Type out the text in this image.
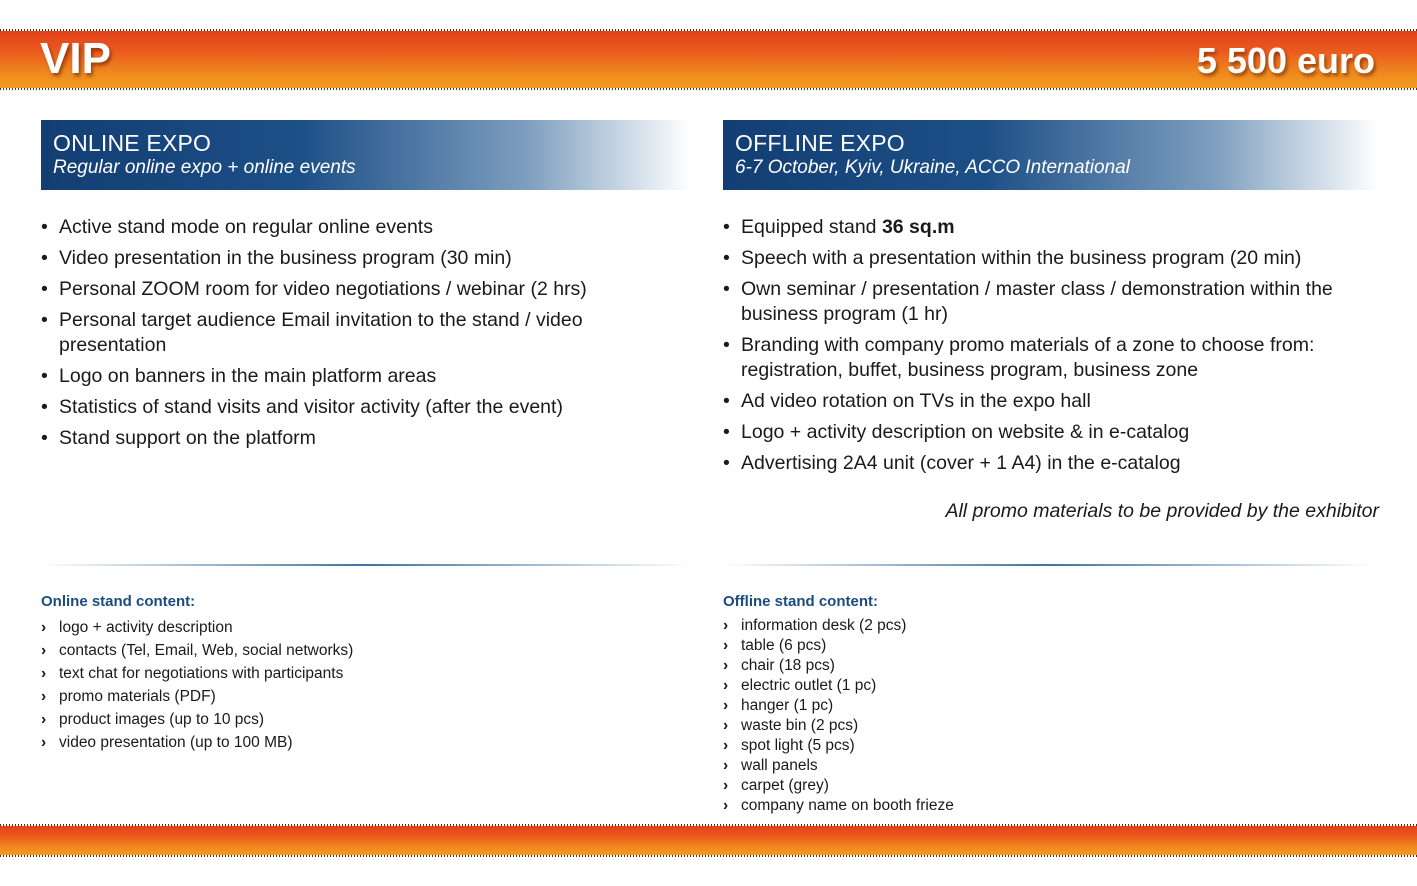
VIP	5 500 euro
ONLINE EXPO
Regular online expo + online events
• Active stand mode on regular online events
• Video presentation in the business program (30 min)
• Personal ZOOM room for video negotiations / webinar (2 hrs)
• Personal target audience Email invitation to the stand / video presentation
• Logo on banners in the main platform areas
• Statistics of stand visits and visitor activity (after the event)
• Stand support on the platform
OFFLINE EXPO
6-7 October, Kyiv, Ukraine, ACCO International
• Equipped stand 36 sq.m
• Speech with a presentation within the business program (20 min)
• Own seminar / presentation / master class / demonstration within the business program (1 hr)
• Branding with company promo materials of a zone to choose from: registration, buffet, business program, business zone
• Ad video rotation on TVs in the expo hall
• Logo + activity description on website & in e-catalog
• Advertising 2A4 unit (cover + 1 A4) in the e-catalog
All promo materials to be provided by the exhibitor
Online stand content:
› logo + activity description
› contacts (Tel, Email, Web, social networks)
› text chat for negotiations with participants
› promo materials (PDF)
› product images (up to 10 pcs)
› video presentation (up to 100 MB)
Offline stand content:
› information desk (2 pcs)
› table (6 pcs)
› chair (18 pcs)
› electric outlet (1 pc)
› hanger (1 pc)
› waste bin (2 pcs)
› spot light (5 pcs)
› wall panels
› carpet (grey)
› company name on booth frieze
